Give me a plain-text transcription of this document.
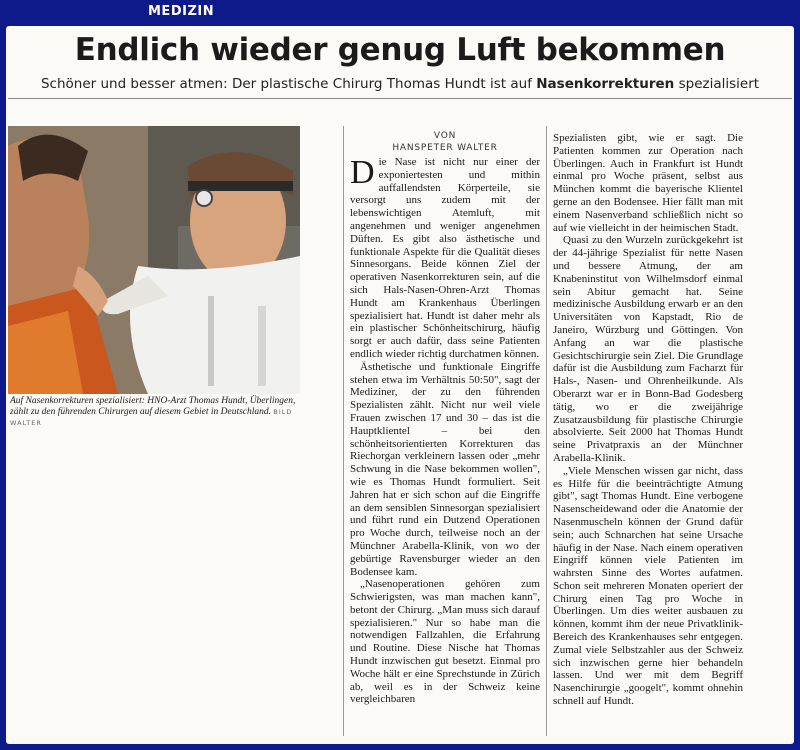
MEDIZIN
Endlich wieder genug Luft bekommen
Schöner und besser atmen: Der plastische Chirurg Thomas Hundt ist auf Nasenkorrekturen spezialisiert
Auf Nasenkorrekturen spezialisiert: HNO-Arzt Thomas Hundt, Überlingen, zählt zu den führenden Chirurgen auf diesem Gebiet in Deutschland. BILD WALTER
VON
HANSPETER WALTER

Die Nase ist nicht nur einer der exponiertesten und mithin auffallendsten Körperteile, sie versorgt uns zudem mit der lebenswichtigen Atemluft, mit angenehmen und weniger angenehmen Düften. Es gibt also ästhetische und funktionale Aspekte für die Qualität dieses Sinnesorgans. Beide können Ziel der operativen Nasenkorrekturen sein, auf die sich Hals-Nasen-Ohren-Arzt Thomas Hundt am Krankenhaus Überlingen spezialisiert hat. Hundt ist daher mehr als ein plastischer Schönheitschirurg, häufig sorgt er auch dafür, dass seine Patienten endlich wieder richtig durchatmen können.

Ästhetische und funktionale Eingriffe stehen etwa im Verhältnis 50:50", sagt der Mediziner, der zu den führenden Spezialisten zählt. Nicht nur weil viele Frauen zwischen 17 und 30 – das ist die Hauptklientel – bei den schönheitsorientierten Korrekturen das Riechorgan verkleinern lassen oder „mehr Schwung in die Nase bekommen wollen", wie es Thomas Hundt formuliert. Seit Jahren hat er sich schon auf die Eingriffe an dem sensiblen Sinnesorgan spezialisiert und führt rund ein Dutzend Operationen pro Woche durch, teilweise noch an der Münchner Arabella-Klinik, von wo der gebürtige Ravensburger wieder an den Bodensee kam.

„Nasenoperationen gehören zum Schwierigsten, was man machen kann", betont der Chirurg. „Man muss sich darauf spezialisieren." Nur so habe man die notwendigen Fallzahlen, die Erfahrung und Routine. Diese Nische hat Thomas Hundt inzwischen gut besetzt. Einmal pro Woche hält er eine Sprechstunde in Zürich ab, weil es in der Schweiz keine vergleichbaren

Spezialisten gibt, wie er sagt. Die Patienten kommen zur Operation nach Überlingen. Auch in Frankfurt ist Hundt einmal pro Woche präsent, selbst aus München kommt die bayerische Klientel gerne an den Bodensee. Hier fällt man mit einem Nasenverband schließlich nicht so auf wie vielleicht in der heimischen Stadt.

Quasi zu den Wurzeln zurückgekehrt ist der 44-jährige Spezialist für nette Nasen und bessere Atmung, der am Knabeninstitut von Wilhelmsdorf einmal sein Abitur gemacht hat. Seine medizinische Ausbildung erwarb er an den Universitäten von Kapstadt, Rio de Janeiro, Würzburg und Göttingen. Von Anfang an war die plastische Gesichtschirurgie sein Ziel. Die Grundlage dafür ist die Ausbildung zum Facharzt für Hals-, Nasen- und Ohrenheilkunde. Als Oberarzt war er in Bonn-Bad Godesberg tätig, wo er die zweijährige Zusatzausbildung für plastische Chirurgie absolvierte. Seit 2000 hat Thomas Hundt seine Privatpraxis an der Münchner Arabella-Klinik.

„Viele Menschen wissen gar nicht, dass es Hilfe für die beeinträchtigte Atmung gibt", sagt Thomas Hundt. Eine verbogene Nasenscheidewand oder die Anatomie der Nasenmuscheln können der Grund dafür sein; auch Schnarchen hat seine Ursache häufig in der Nase. Nach einem operativen Eingriff können viele Patienten im wahrsten Sinne des Wortes aufatmen. Schon seit mehreren Monaten operiert der Chirurg einen Tag pro Woche in Überlingen. Um dies weiter ausbauen zu können, kommt ihm der neue Privatklinik-Bereich des Krankenhauses sehr entgegen. Zumal viele Selbstzahler aus der Schweiz sich inzwischen gerne hier behandeln lassen. Und wer mit dem Begriff Nasenchirurgie „googelt", kommt ohnehin schnell auf Hundt.
